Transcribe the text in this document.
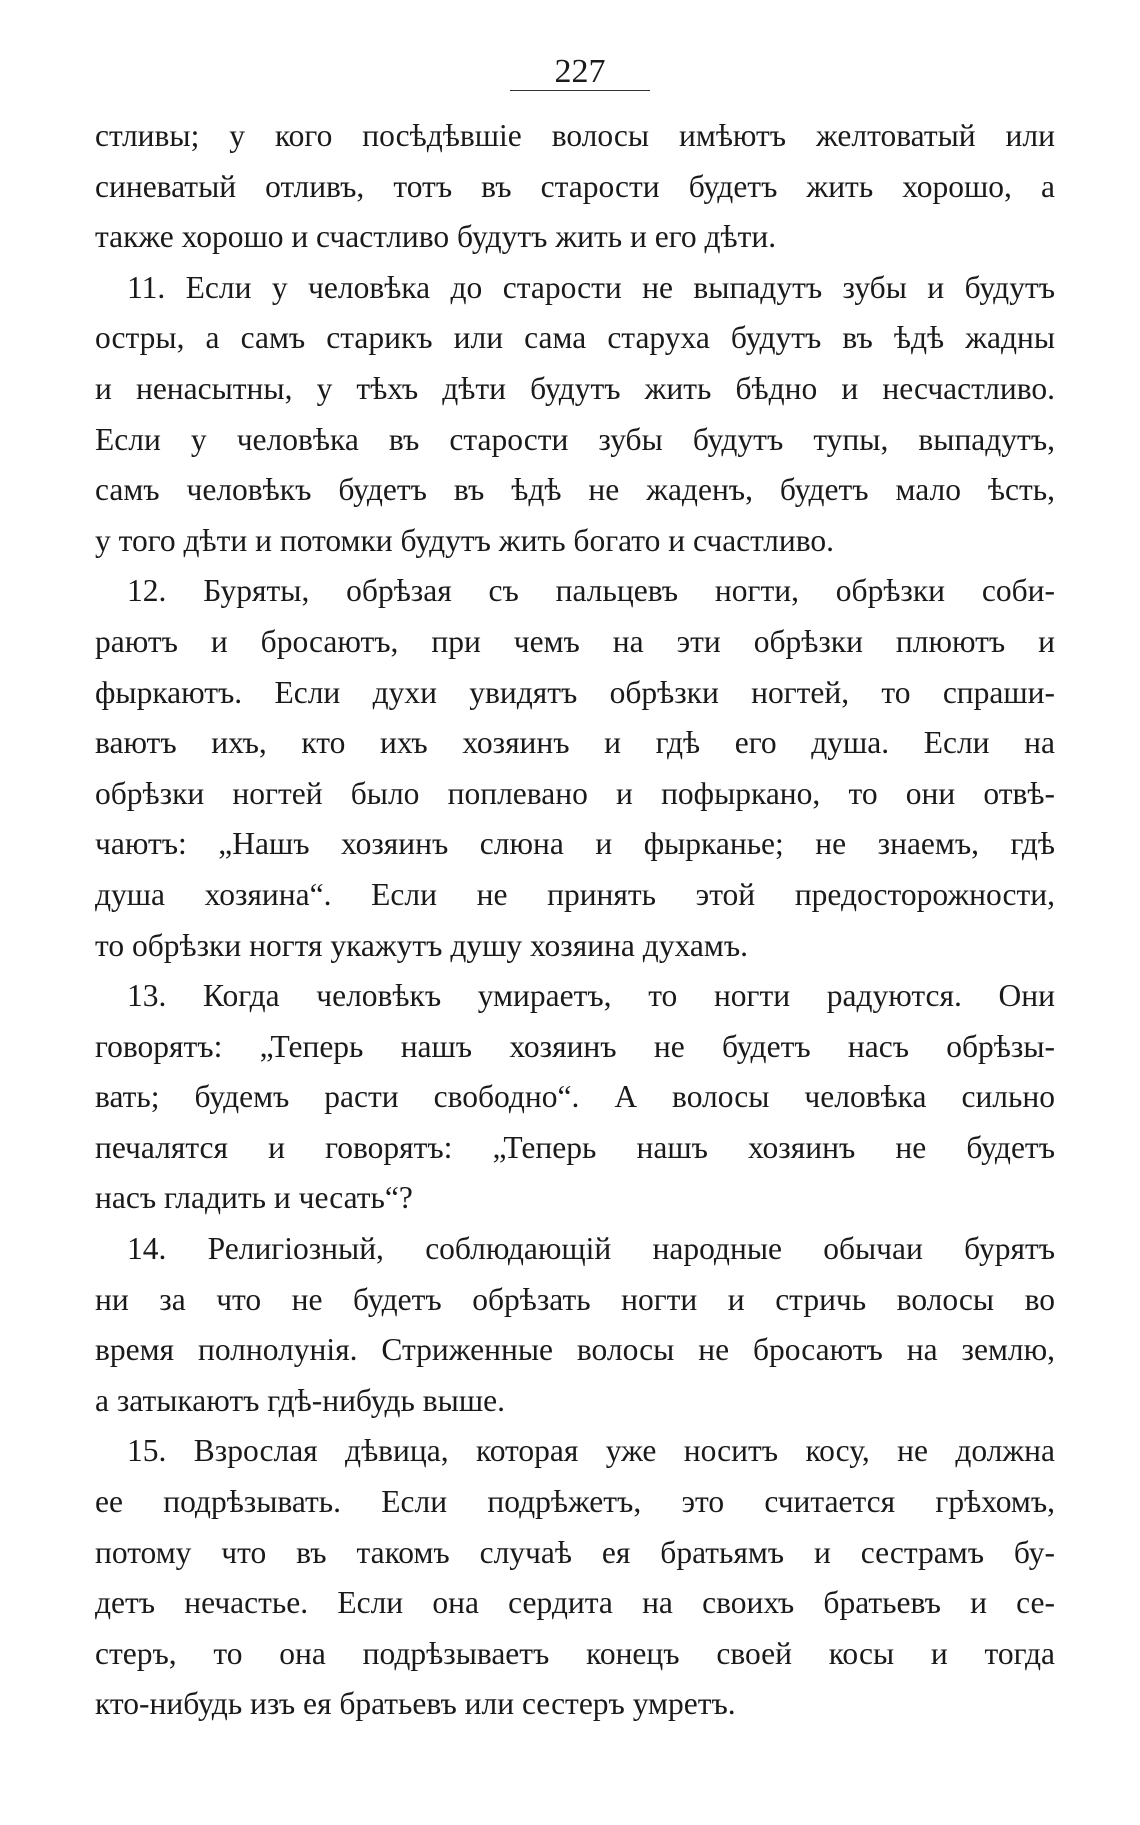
227
стливы; у кого посѣдѣвшіе волосы имѣютъ желтоватый или
синеватый отливъ, тотъ въ старости будетъ жить хорошо, а
также хорошо и счастливо будутъ жить и его дѣти.
11. Если у человѣка до старости не выпадутъ зубы и будутъ
остры, а самъ старикъ или сама старуха будутъ въ ѣдѣ жадны
и ненасытны, у тѣхъ дѣти будутъ жить бѣдно и несчастливо.
Если у человѣка въ старости зубы будутъ тупы, выпадутъ,
самъ человѣкъ будетъ въ ѣдѣ не жаденъ, будетъ мало ѣсть,
у того дѣти и потомки будутъ жить богато и счастливо.
12. Буряты, обрѣзая съ пальцевъ ногти, обрѣзки соби-
раютъ и бросаютъ, при чемъ на эти обрѣзки плюютъ и
фыркаютъ. Если духи увидятъ обрѣзки ногтей, то спраши-
ваютъ ихъ, кто ихъ хозяинъ и гдѣ его душа. Если на
обрѣзки ногтей было поплевано и пофыркано, то они отвѣ-
чаютъ: „Нашъ хозяинъ слюна и фырканье; не знаемъ, гдѣ
душа хозяина“. Если не принять этой предосторожности,
то обрѣзки ногтя укажутъ душу хозяина духамъ.
13. Когда человѣкъ умираетъ, то ногти радуются. Они
говорятъ: „Теперь нашъ хозяинъ не будетъ насъ обрѣзы-
вать; будемъ расти свободно“. А волосы человѣка сильно
печалятся и говорятъ: „Теперь нашъ хозяинъ не будетъ
насъ гладить и чесать“?
14. Религіозный, соблюдающій народные обычаи бурятъ
ни за что не будетъ обрѣзать ногти и стричь волосы во
время полнолунія. Стриженные волосы не бросаютъ на землю,
а затыкаютъ гдѣ-нибудь выше.
15. Взрослая дѣвица, которая уже носитъ косу, не должна
ее подрѣзывать. Если подрѣжетъ, это считается грѣхомъ,
потому что въ такомъ случаѣ ея братьямъ и сестрамъ бу-
детъ нечастье. Если она сердита на своихъ братьевъ и се-
стеръ, то она подрѣзываетъ конецъ своей косы и тогда
кто-нибудь изъ ея братьевъ или сестеръ умретъ.
